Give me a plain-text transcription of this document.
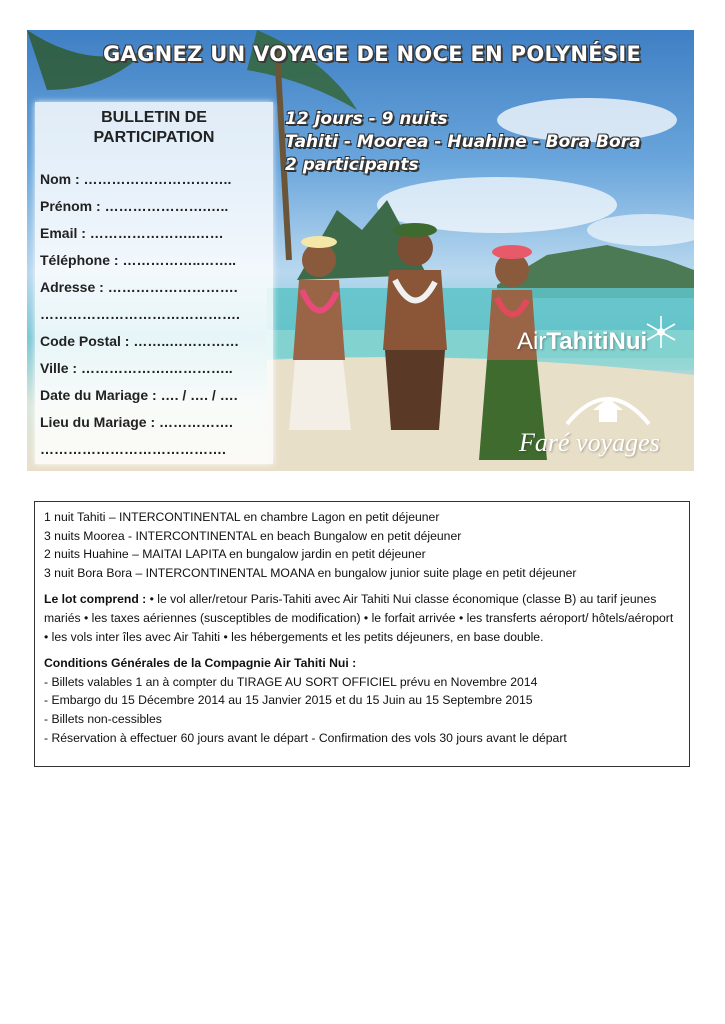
GAGNEZ UN VOYAGE DE NOCE EN POLYNÉSIE
12 jours - 9 nuits
Tahiti - Moorea - Huahine - Bora Bora
2 participants
BULLETIN DE
PARTICIPATION
Nom : …………………………..
Prénom : ………………….…..
Email : …………………..……
Téléphone : ……………..……..
Adresse : ……………………….
…………………………………….
Code Postal : ……..……………
Ville : ……………….…………..
Date du Mariage : …. / …. / ….
Lieu du Mariage : …………….
………………………………….
AirTahitiNui
Faré voyages

1 nuit Tahiti – INTERCONTINENTAL en chambre Lagon en petit déjeuner

3 nuits Moorea - INTERCONTINENTAL en beach Bungalow en petit déjeuner

2 nuits Huahine – MAITAI LAPITA en bungalow jardin en petit déjeuner

3 nuit Bora Bora – INTERCONTINENTAL MOANA en bungalow junior suite plage en petit déjeuner

Le lot comprend : • le vol aller/retour Paris-Tahiti avec Air Tahiti Nui classe économique (classe B) au tarif jeunes mariés • les taxes aériennes (susceptibles de modification) • le forfait arrivée • les transferts aéroport/ hôtels/aéroport • les vols inter îles avec Air Tahiti • les hébergements et les petits déjeuners, en base double.

Conditions Générales de la Compagnie Air Tahiti Nui :

- Billets valables 1 an à compter du TIRAGE AU SORT OFFICIEL prévu en Novembre 2014

- Embargo du 15 Décembre 2014 au 15 Janvier 2015 et du 15 Juin au 15 Septembre 2015

- Billets non-cessibles

- Réservation à effectuer 60 jours avant le départ - Confirmation des vols 30 jours avant le départ
